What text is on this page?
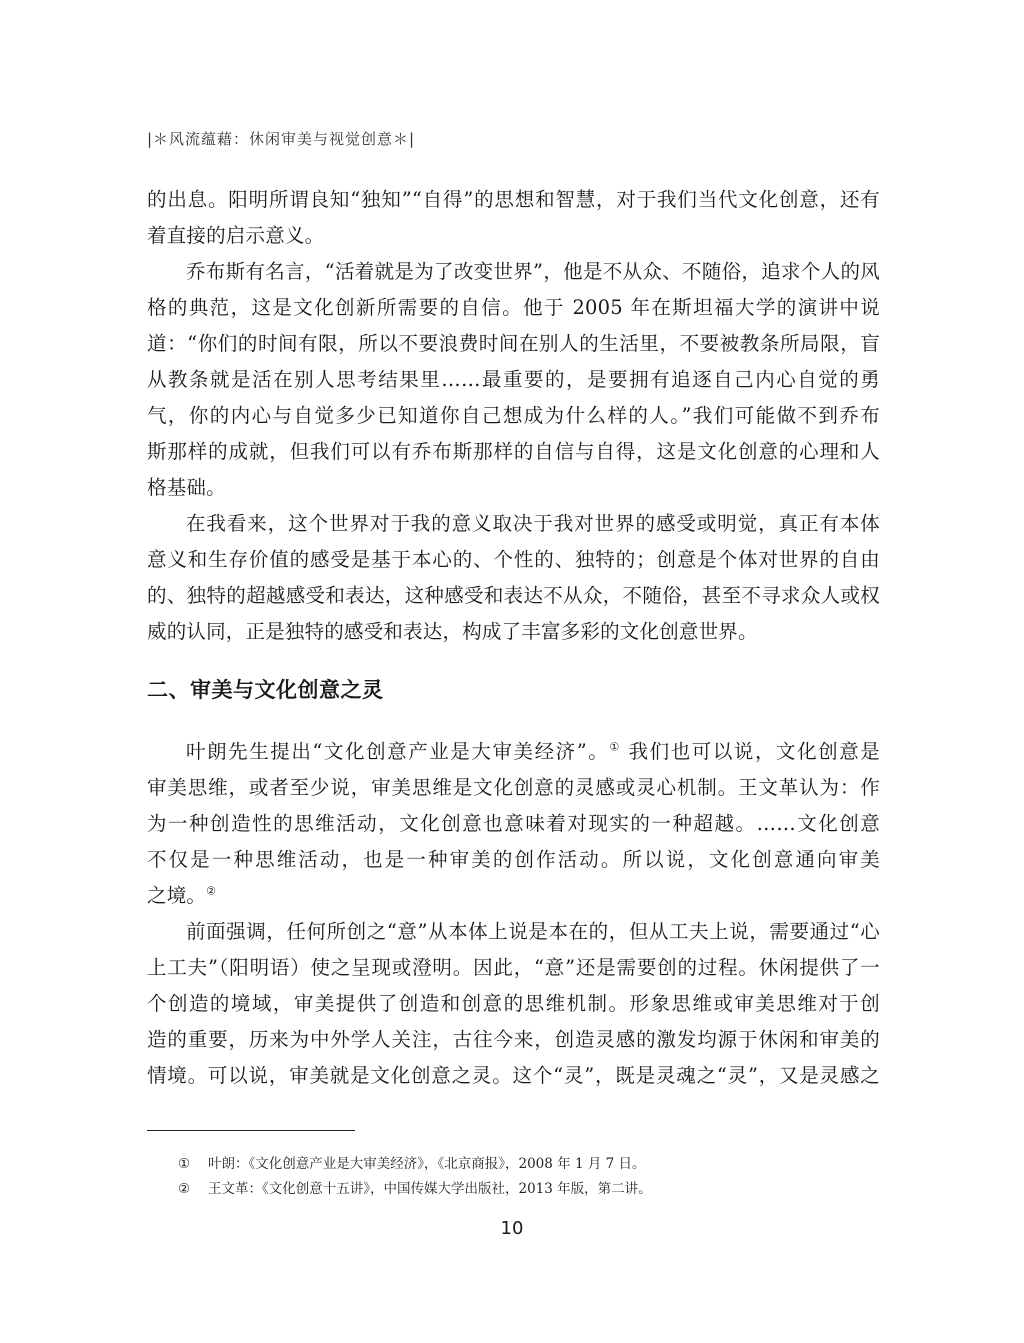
|＊风流蕴藉：休闲审美与视觉创意＊|

的出息。阳明所谓良知“独知”“自得”的思想和智慧，对于我们当代文化创意，还有
着直接的启示意义。

乔布斯有名言，“活着就是为了改变世界”，他是不从众、不随俗，追求个人的风
格的典范，这是文化创新所需要的自信。他于 2005 年在斯坦福大学的演讲中说
道：“你们的时间有限，所以不要浪费时间在别人的生活里，不要被教条所局限，盲
从教条就是活在别人思考结果里……最重要的，是要拥有追逐自己内心自觉的勇
气，你的内心与自觉多少已知道你自己想成为什么样的人。”我们可能做不到乔布
斯那样的成就，但我们可以有乔布斯那样的自信与自得，这是文化创意的心理和人
格基础。

在我看来，这个世界对于我的意义取决于我对世界的感受或明觉，真正有本体
意义和生存价值的感受是基于本心的、个性的、独特的；创意是个体对世界的自由
的、独特的超越感受和表达，这种感受和表达不从众，不随俗，甚至不寻求众人或权
威的认同，正是独特的感受和表达，构成了丰富多彩的文化创意世界。

二、审美与文化创意之灵

叶朗先生提出“文化创意产业是大审美经济”。① 我们也可以说，文化创意是
审美思维，或者至少说，审美思维是文化创意的灵感或灵心机制。王文革认为：作
为一种创造性的思维活动，文化创意也意味着对现实的一种超越。……文化创意
不仅是一种思维活动，也是一种审美的创作活动。所以说，文化创意通向审美
之境。②

前面强调，任何所创之“意”从本体上说是本在的，但从工夫上说，需要通过“心
上工夫”（阳明语）使之呈现或澄明。因此，“意”还是需要创的过程。休闲提供了一
个创造的境域，审美提供了创造和创意的思维机制。形象思维或审美思维对于创
造的重要，历来为中外学人关注，古往今来，创造灵感的激发均源于休闲和审美的
情境。可以说，审美就是文化创意之灵。这个“灵”，既是灵魂之“灵”，又是灵感之

①	叶朗：《文化创意产业是大审美经济》，《北京商报》，2008 年 1 月 7 日。
②	王文革：《文化创意十五讲》，中国传媒大学出版社，2013 年版，第二讲。
10
